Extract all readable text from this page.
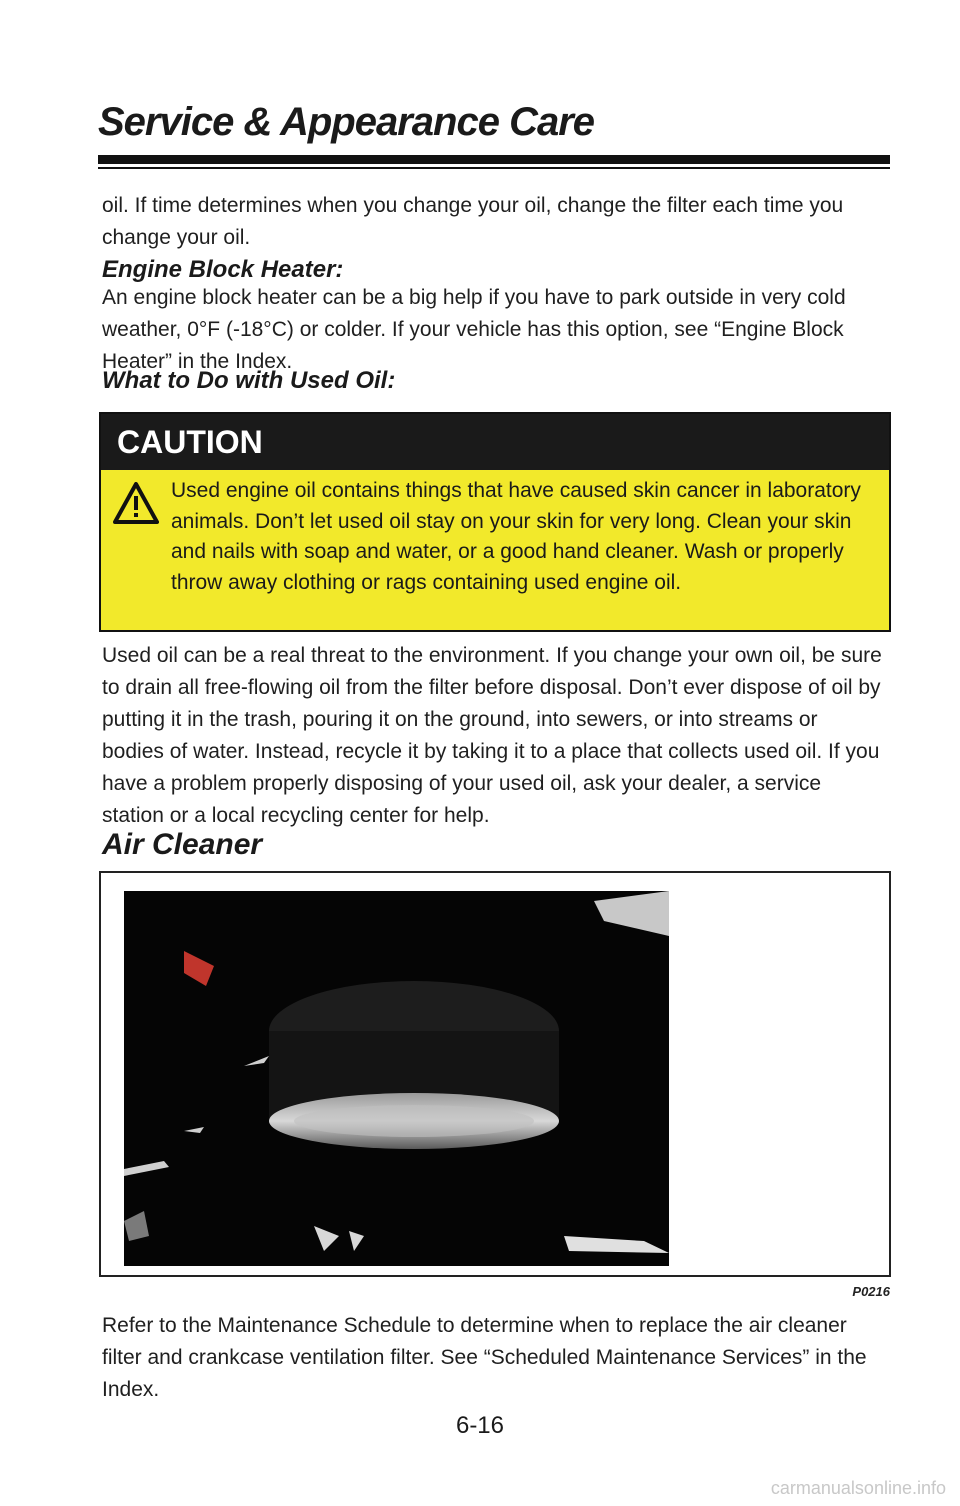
Service & Appearance Care

oil. If time determines when you change your oil, change the filter each time you change your oil.

Engine Block Heater:

An engine block heater can be a big help if you have to park outside in very cold weather, 0°F (-18°C) or colder. If your vehicle has this option, see “Engine Block Heater” in the Index.

What to Do with Used Oil:
CAUTION

Used engine oil contains things that have caused skin cancer in laboratory animals. Don’t let used oil stay on your skin for very long. Clean your skin and nails with soap and water, or a good hand cleaner. Wash or properly throw away clothing or rags containing used engine oil.

Used oil can be a real threat to the environment. If you change your own oil, be sure to drain all free-flowing oil from the filter before disposal. Don’t ever dispose of oil by putting it in the trash, pouring it on the ground, into sewers, or into streams or bodies of water. Instead, recycle it by taking it to a place that collects used oil. If you have a problem properly disposing of your used oil, ask your dealer, a service station or a local recycling center for help.

Air Cleaner
P0216

Refer to the Maintenance Schedule to determine when to replace the air cleaner filter and crankcase ventilation filter. See “Scheduled Maintenance Services” in the Index.

6-16
carmanualsonline.info
